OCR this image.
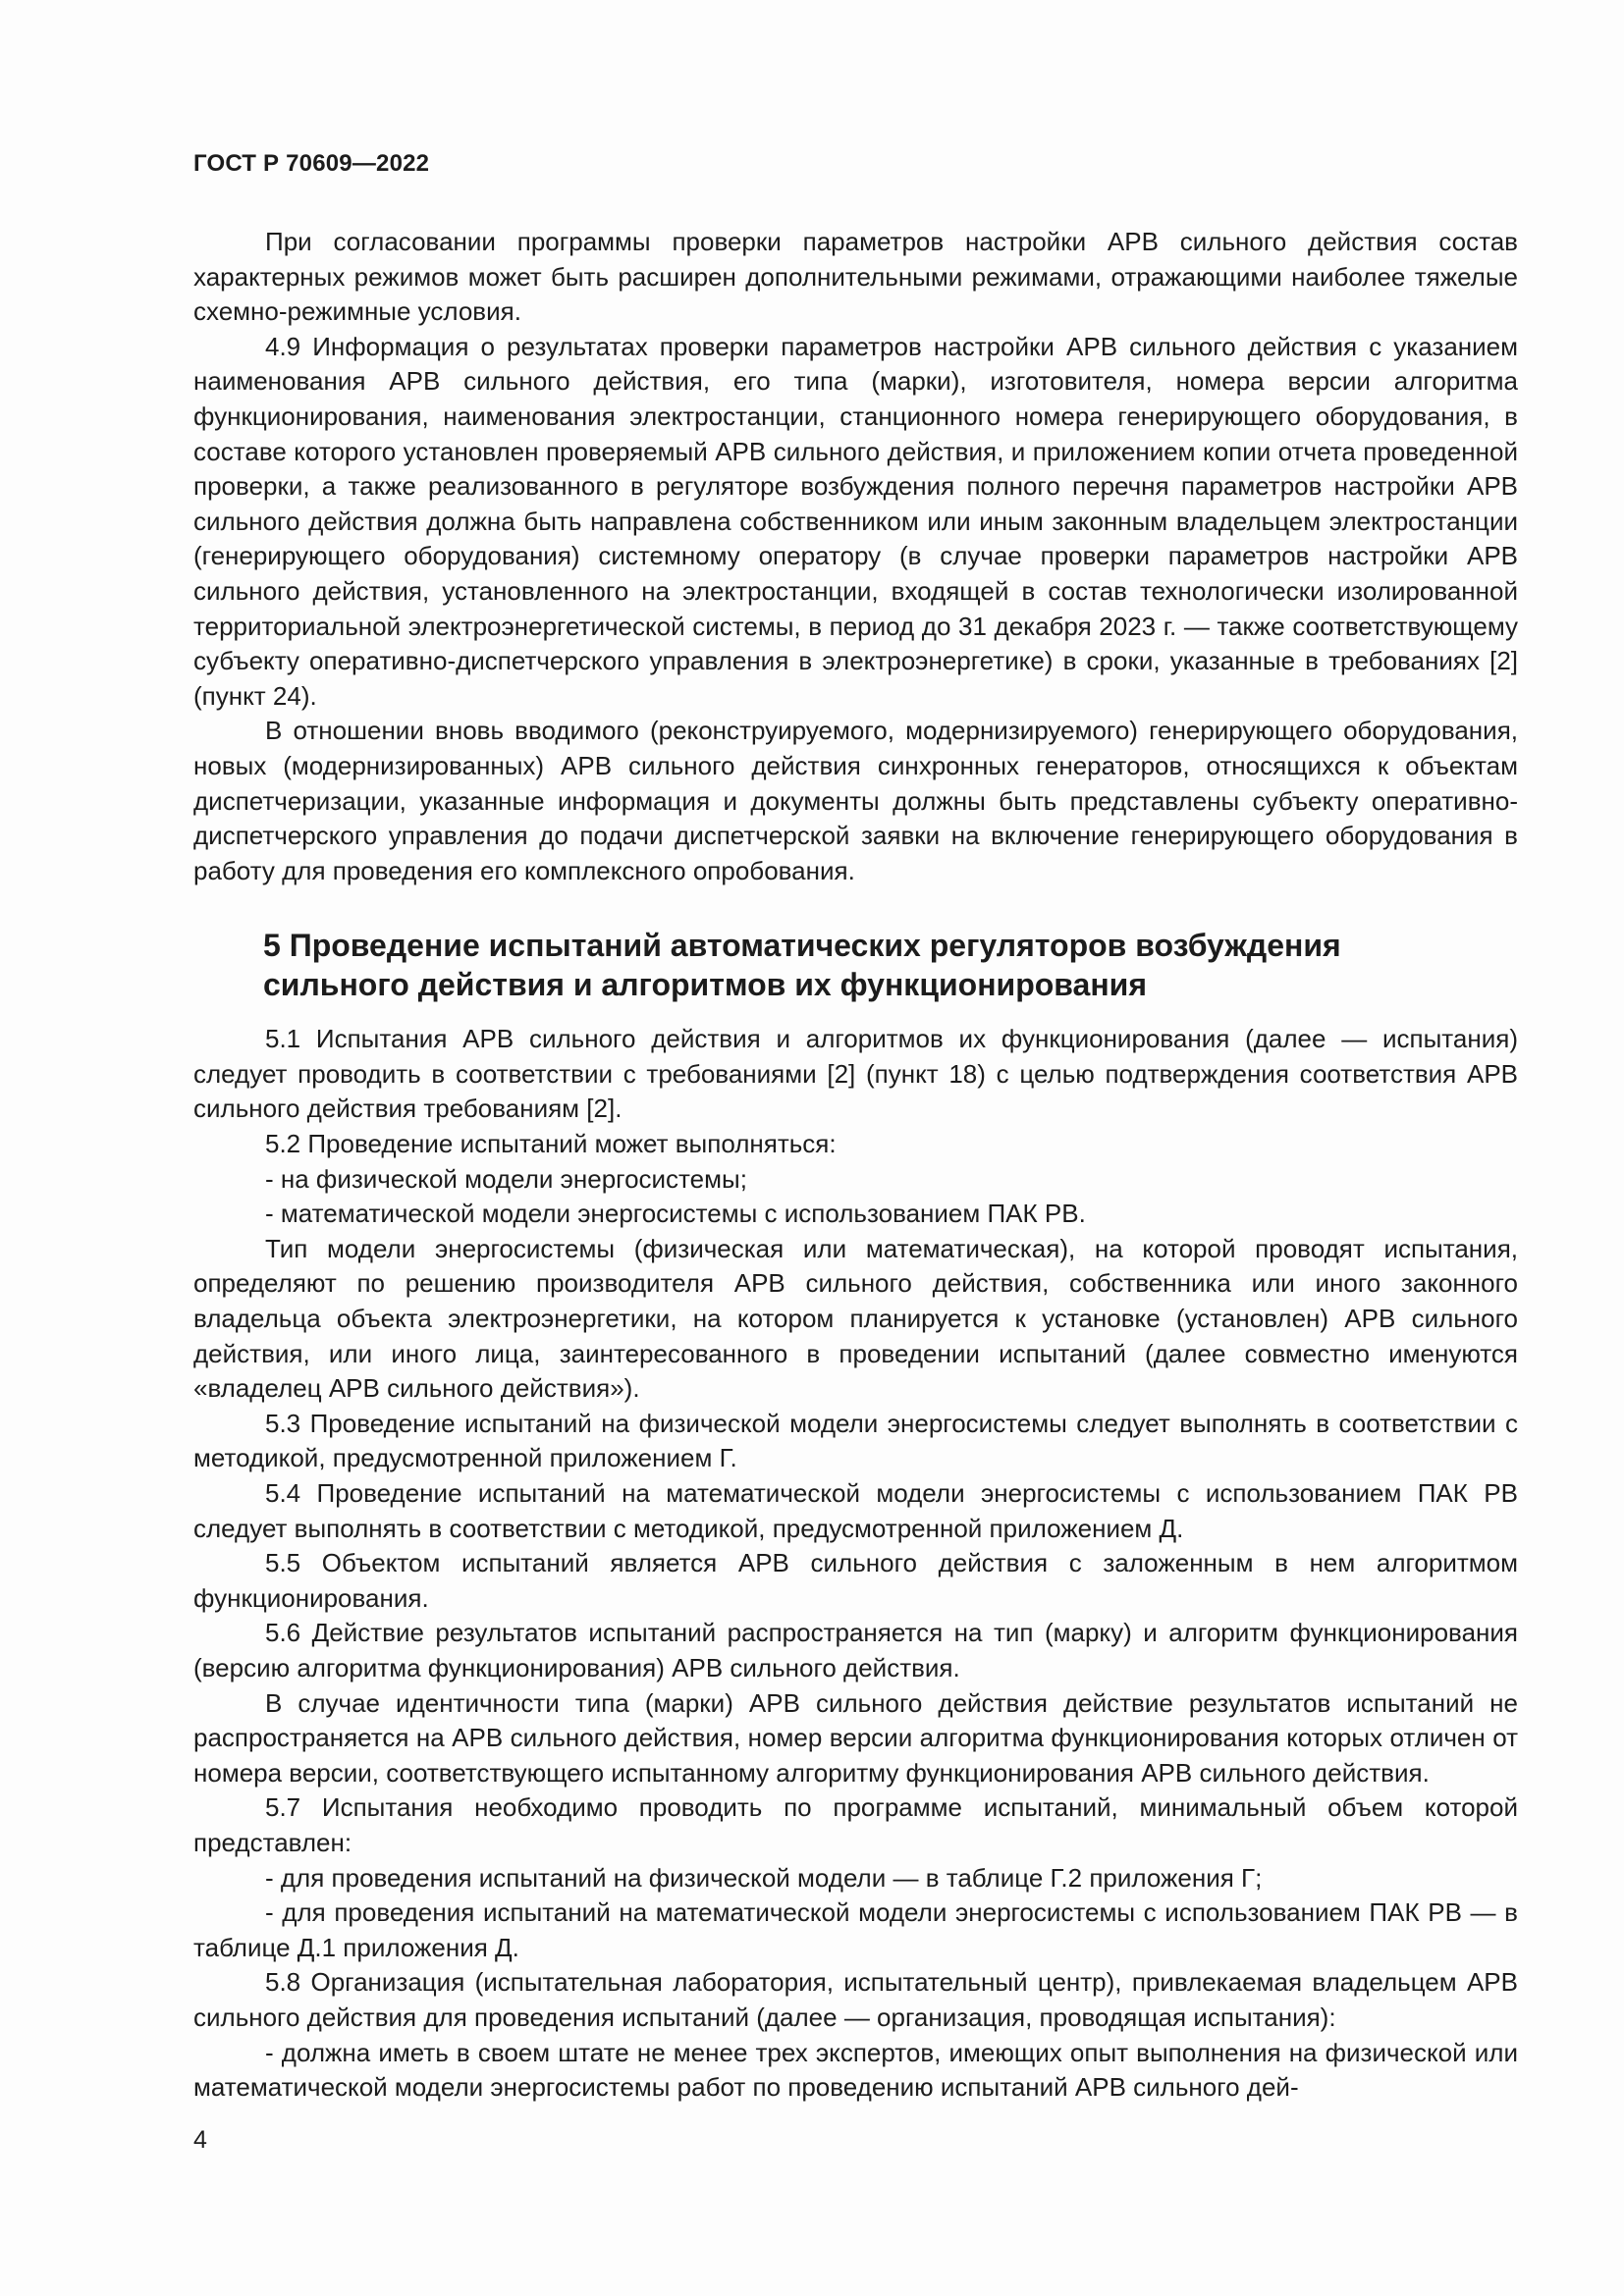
ГОСТ Р 70609—2022

При согласовании программы проверки параметров настройки АРВ сильного действия состав характерных режимов может быть расширен дополнительными режимами, отражающими наиболее тяжелые схемно-режимные условия.

4.9 Информация о результатах проверки параметров настройки АРВ сильного действия с указанием наименования АРВ сильного действия, его типа (марки), изготовителя, номера версии алгоритма функционирования, наименования электростанции, станционного номера генерирующего оборудования, в составе которого установлен проверяемый АРВ сильного действия, и приложением копии отчета проведенной проверки, а также реализованного в регуляторе возбуждения полного перечня параметров настройки АРВ сильного действия должна быть направлена собственником или иным законным владельцем электростанции (генерирующего оборудования) системному оператору (в случае проверки параметров настройки АРВ сильного действия, установленного на электростанции, входящей в состав технологически изолированной территориальной электроэнергетической системы, в период до 31 декабря 2023 г. — также соответствующему субъекту оперативно-диспетчерского управления в электроэнергетике) в сроки, указанные в требованиях [2] (пункт 24).

В отношении вновь вводимого (реконструируемого, модернизируемого) генерирующего оборудования, новых (модернизированных) АРВ сильного действия синхронных генераторов, относящихся к объектам диспетчеризации, указанные информация и документы должны быть представлены субъекту оперативно-диспетчерского управления до подачи диспетчерской заявки на включение генерирующего оборудования в работу для проведения его комплексного опробования.

5 Проведение испытаний автоматических регуляторов возбуждения
сильного действия и алгоритмов их функционирования

5.1 Испытания АРВ сильного действия и алгоритмов их функционирования (далее — испытания) следует проводить в соответствии с требованиями [2] (пункт 18) с целью подтверждения соответствия АРВ сильного действия требованиям [2].

5.2 Проведение испытаний может выполняться:

- на физической модели энергосистемы;

- математической модели энергосистемы с использованием ПАК РВ.

Тип модели энергосистемы (физическая или математическая), на которой проводят испытания, определяют по решению производителя АРВ сильного действия, собственника или иного законного владельца объекта электроэнергетики, на котором планируется к установке (установлен) АРВ сильного действия, или иного лица, заинтересованного в проведении испытаний (далее совместно именуются «владелец АРВ сильного действия»).

5.3 Проведение испытаний на физической модели энергосистемы следует выполнять в соответствии с методикой, предусмотренной приложением Г.

5.4 Проведение испытаний на математической модели энергосистемы с использованием ПАК РВ следует выполнять в соответствии с методикой, предусмотренной приложением Д.

5.5 Объектом испытаний является АРВ сильного действия с заложенным в нем алгоритмом функционирования.

5.6 Действие результатов испытаний распространяется на тип (марку) и алгоритм функционирования (версию алгоритма функционирования) АРВ сильного действия.

В случае идентичности типа (марки) АРВ сильного действия действие результатов испытаний не распространяется на АРВ сильного действия, номер версии алгоритма функционирования которых отличен от номера версии, соответствующего испытанному алгоритму функционирования АРВ сильного действия.

5.7 Испытания необходимо проводить по программе испытаний, минимальный объем которой представлен:

- для проведения испытаний на физической модели — в таблице Г.2 приложения Г;

- для проведения испытаний на математической модели энергосистемы с использованием ПАК РВ — в таблице Д.1 приложения Д.

5.8 Организация (испытательная лаборатория, испытательный центр), привлекаемая владельцем АРВ сильного действия для проведения испытаний (далее — организация, проводящая испытания):

- должна иметь в своем штате не менее трех экспертов, имеющих опыт выполнения на физической или математической модели энергосистемы работ по проведению испытаний АРВ сильного дей-

4
